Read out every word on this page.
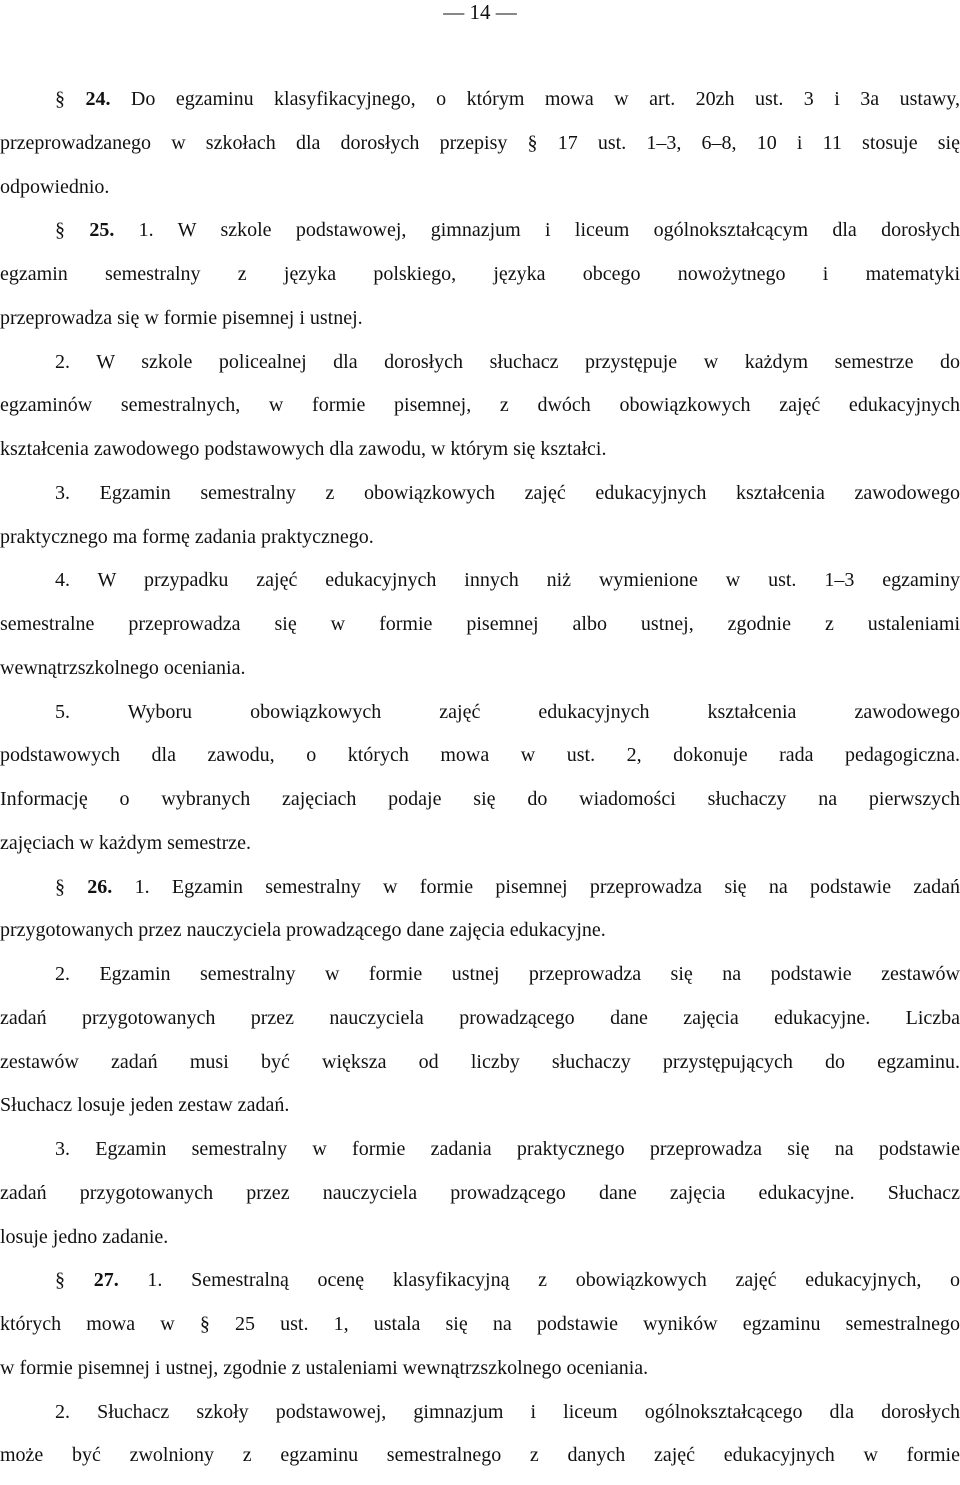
— 14 —
§ 24. Do egzaminu klasyfikacyjnego, o którym mowa w art. 20zh ust. 3 i 3a ustawy,
przeprowadzanego w szkołach dla dorosłych przepisy § 17 ust. 1–3, 6–8, 10 i 11 stosuje się
odpowiednio.
§ 25. 1. W szkole podstawowej, gimnazjum i liceum ogólnokształcącym dla dorosłych
egzamin semestralny z języka polskiego, języka obcego nowożytnego i matematyki
przeprowadza się w formie pisemnej i ustnej.
2. W szkole policealnej dla dorosłych słuchacz przystępuje w każdym semestrze do
egzaminów semestralnych, w formie pisemnej, z dwóch obowiązkowych zajęć edukacyjnych
kształcenia zawodowego podstawowych dla zawodu, w którym się kształci.
3. Egzamin semestralny z obowiązkowych zajęć edukacyjnych kształcenia zawodowego
praktycznego ma formę zadania praktycznego.
4. W przypadku zajęć edukacyjnych innych niż wymienione w ust. 1–3 egzaminy
semestralne przeprowadza się w formie pisemnej albo ustnej, zgodnie z ustaleniami
wewnątrzszkolnego oceniania.
5. Wyboru obowiązkowych zajęć edukacyjnych kształcenia zawodowego
podstawowych dla zawodu, o których mowa w ust. 2, dokonuje rada pedagogiczna.
Informację o wybranych zajęciach podaje się do wiadomości słuchaczy na pierwszych
zajęciach w każdym semestrze.
§ 26. 1. Egzamin semestralny w formie pisemnej przeprowadza się na podstawie zadań
przygotowanych przez nauczyciela prowadzącego dane zajęcia edukacyjne.
2. Egzamin semestralny w formie ustnej przeprowadza się na podstawie zestawów
zadań przygotowanych przez nauczyciela prowadzącego dane zajęcia edukacyjne. Liczba
zestawów zadań musi być większa od liczby słuchaczy przystępujących do egzaminu.
Słuchacz losuje jeden zestaw zadań.
3. Egzamin semestralny w formie zadania praktycznego przeprowadza się na podstawie
zadań przygotowanych przez nauczyciela prowadzącego dane zajęcia edukacyjne. Słuchacz
losuje jedno zadanie.
§ 27. 1. Semestralną ocenę klasyfikacyjną z obowiązkowych zajęć edukacyjnych, o
których mowa w § 25 ust. 1, ustala się na podstawie wyników egzaminu semestralnego
w formie pisemnej i ustnej, zgodnie z ustaleniami wewnątrzszkolnego oceniania.
2. Słuchacz szkoły podstawowej, gimnazjum i liceum ogólnokształcącego dla dorosłych
może być zwolniony z egzaminu semestralnego z danych zajęć edukacyjnych w formie
